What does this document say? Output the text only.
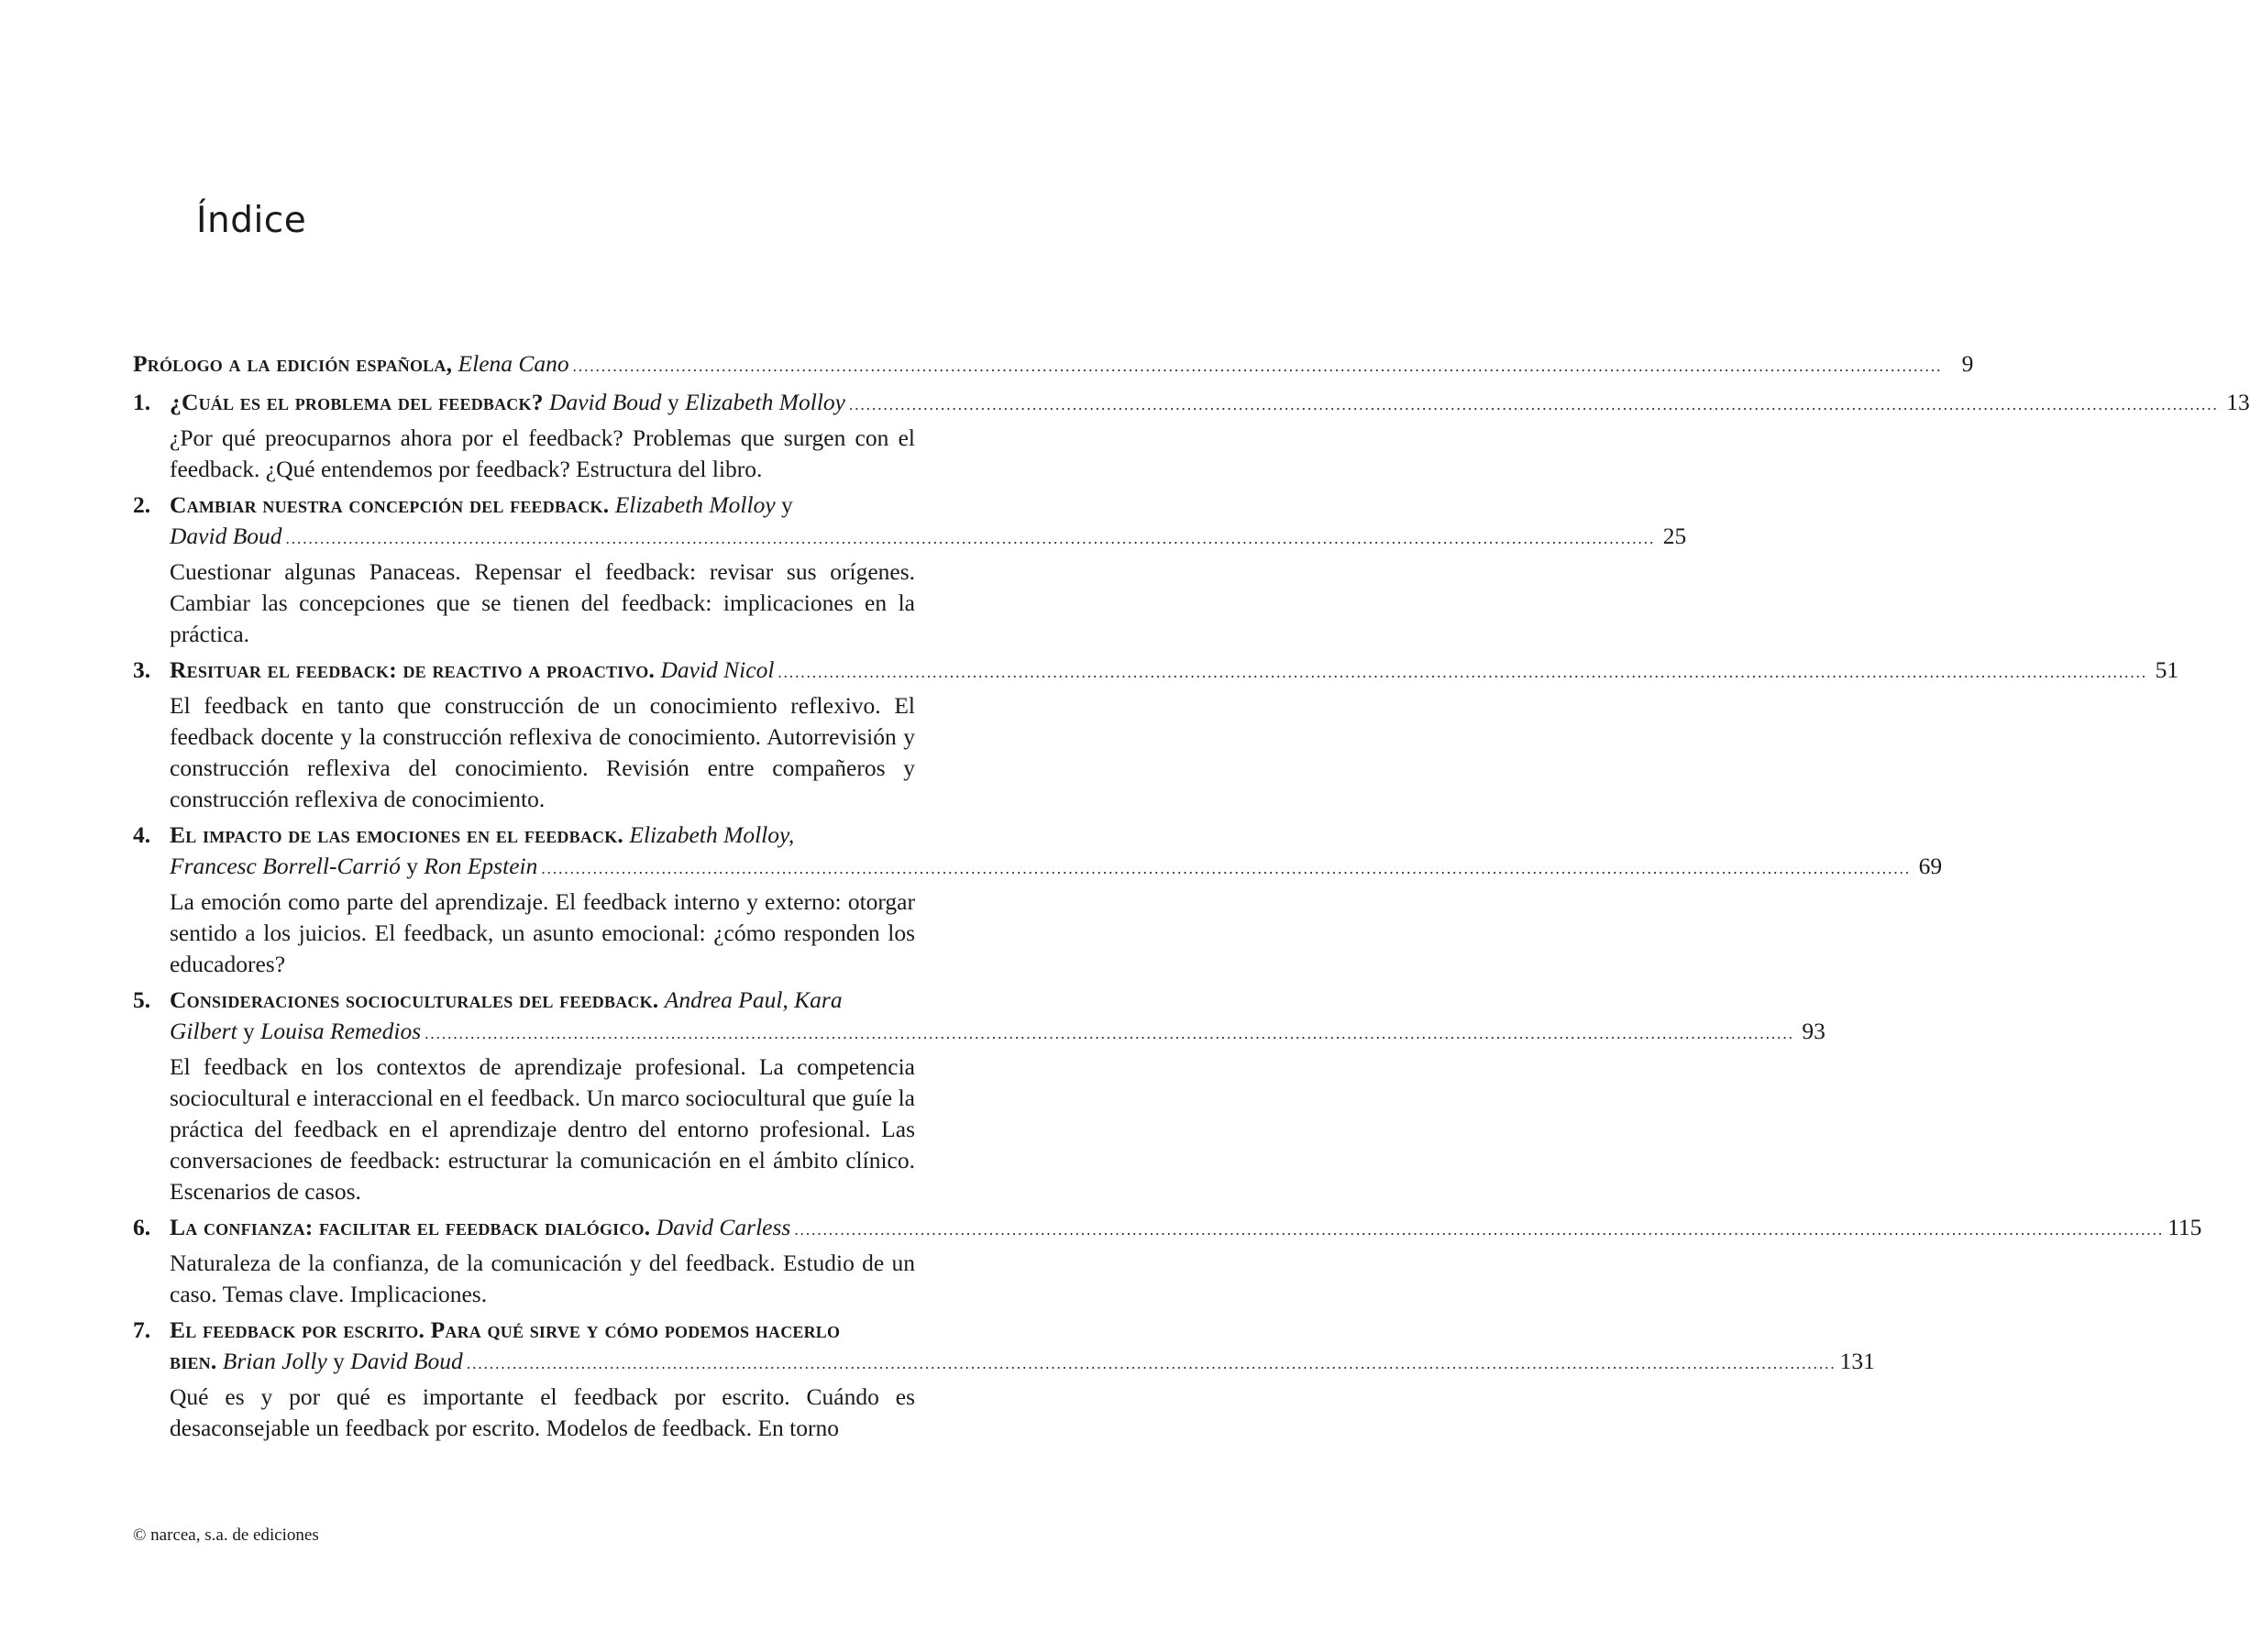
Índice
Prólogo a la edición española, Elena Cano .....	9
1. ¿Cuál es el problema del feedback? David Boud y Elizabeth Molloy .....	13
¿Por qué preocuparnos ahora por el feedback? Problemas que surgen con el feedback. ¿Qué entendemos por feedback? Estructura del libro.
2. Cambiar nuestra concepción del feedback. Elizabeth Molloy y
David Boud .....	25
Cuestionar algunas Panaceas. Repensar el feedback: revisar sus orígenes. Cambiar las concepciones que se tienen del feedback: implicaciones en la práctica.
3. Resituar el feedback: de reactivo a proactivo. David Nicol .....	51
El feedback en tanto que construcción de un conocimiento reflexivo. El feedback docente y la construcción reflexiva de conocimiento. Autorrevisión y construcción reflexiva del conocimiento. Revisión entre compañeros y construcción reflexiva de conocimiento.
4. El impacto de las emociones en el feedback. Elizabeth Molloy,
Francesc Borrell-Carrió y Ron Epstein .....	69
La emoción como parte del aprendizaje. El feedback interno y externo: otorgar sentido a los juicios. El feedback, un asunto emocional: ¿cómo responden los educadores?
5. Consideraciones socioculturales del feedback. Andrea Paul, Kara
Gilbert y Louisa Remedios .....	93
El feedback en los contextos de aprendizaje profesional. La competencia sociocultural e interaccional en el feedback. Un marco sociocultural que guíe la práctica del feedback en el aprendizaje dentro del entorno profesional. Las conversaciones de feedback: estructurar la comunicación en el ámbito clínico. Escenarios de casos.
6. La confianza: facilitar el feedback dialógico. David Carless .....	115
Naturaleza de la confianza, de la comunicación y del feedback. Estudio de un caso. Temas clave. Implicaciones.
7. El feedback por escrito. Para qué sirve y cómo podemos hacerlo
bien. Brian Jolly y David Boud .....	131
Qué es y por qué es importante el feedback por escrito. Cuándo es desaconsejable un feedback por escrito. Modelos de feedback. En torno
© narcea, s.a. de ediciones
